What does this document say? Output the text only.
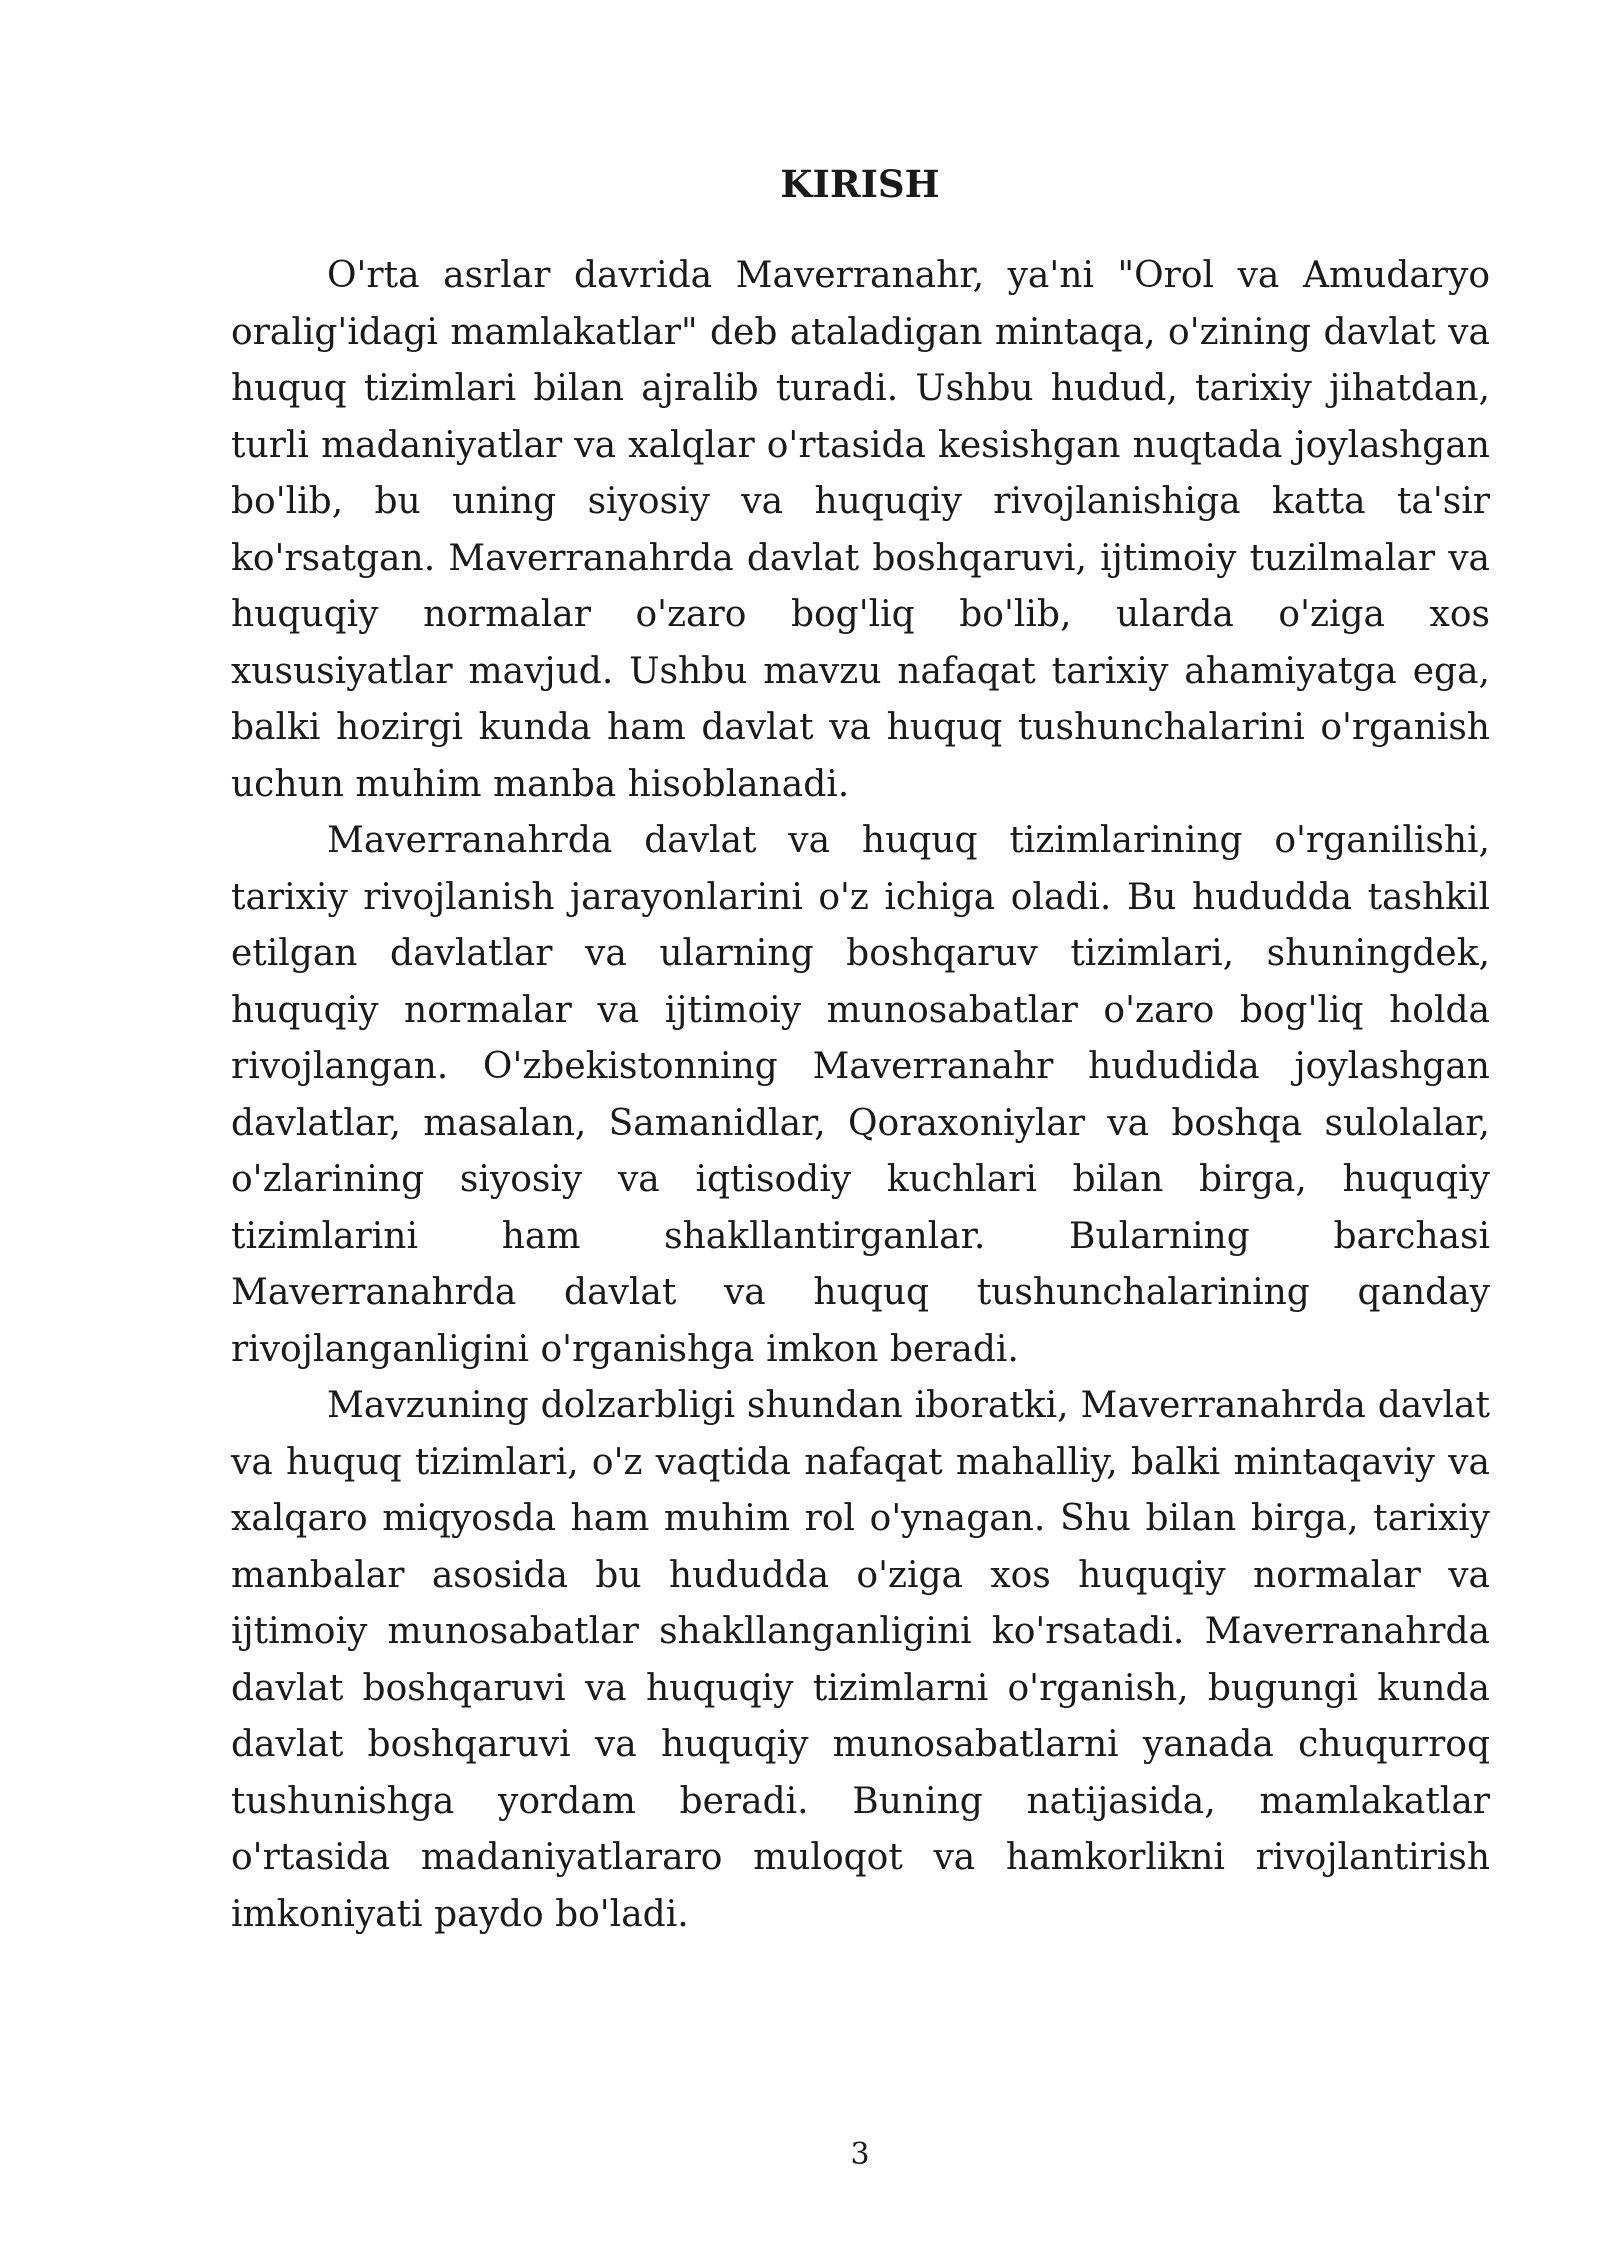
KIRISH

O'rta asrlar davrida Maverranahr, ya'ni "Orol va Amudaryo oralig'idagi mamlakatlar" deb ataladigan mintaqa, o'zining davlat va huquq tizimlari bilan ajralib turadi. Ushbu hudud, tarixiy jihatdan, turli madaniyatlar va xalqlar o'rtasida kesishgan nuqtada joylashgan bo'lib, bu uning siyosiy va huquqiy rivojlanishiga katta ta'sir ko'rsatgan. Maverranahrda davlat boshqaruvi, ijtimoiy tuzilmalar va huquqiy normalar o'zaro bog'liq bo'lib, ularda o'ziga xos xususiyatlar mavjud. Ushbu mavzu nafaqat tarixiy ahamiyatga ega, balki hozirgi kunda ham davlat va huquq tushunchalarini o'rganish uchun muhim manba hisoblanadi.

Maverranahrda davlat va huquq tizimlarining o'rganilishi, tarixiy rivojlanish jarayonlarini o'z ichiga oladi. Bu hududda tashkil etilgan davlatlar va ularning boshqaruv tizimlari, shuningdek, huquqiy normalar va ijtimoiy munosabatlar o'zaro bog'liq holda rivojlangan. O'zbekistonning Maverranahr hududida joylashgan davlatlar, masalan, Samanidlar, Qoraxoniylar va boshqa sulolalar, o'zlarining siyosiy va iqtisodiy kuchlari bilan birga, huquqiy tizimlarini ham shakllantirganlar. Bularning barchasi Maverranahrda davlat va huquq tushunchalarining qanday rivojlanganligini o'rganishga imkon beradi.

Mavzuning dolzarbligi shundan iboratki, Maverranahrda davlat va huquq tizimlari, o'z vaqtida nafaqat mahalliy, balki mintaqaviy va xalqaro miqyosda ham muhim rol o'ynagan. Shu bilan birga, tarixiy manbalar asosida bu hududda o'ziga xos huquqiy normalar va ijtimoiy munosabatlar shakllanganligini ko'rsatadi. Maverranahrda davlat boshqaruvi va huquqiy tizimlarni o'rganish, bugungi kunda davlat boshqaruvi va huquqiy munosabatlarni yanada chuqurroq tushunishga yordam beradi. Buning natijasida, mamlakatlar o'rtasida madaniyatlararo muloqot va hamkorlikni rivojlantirish imkoniyati paydo bo'ladi.

3
